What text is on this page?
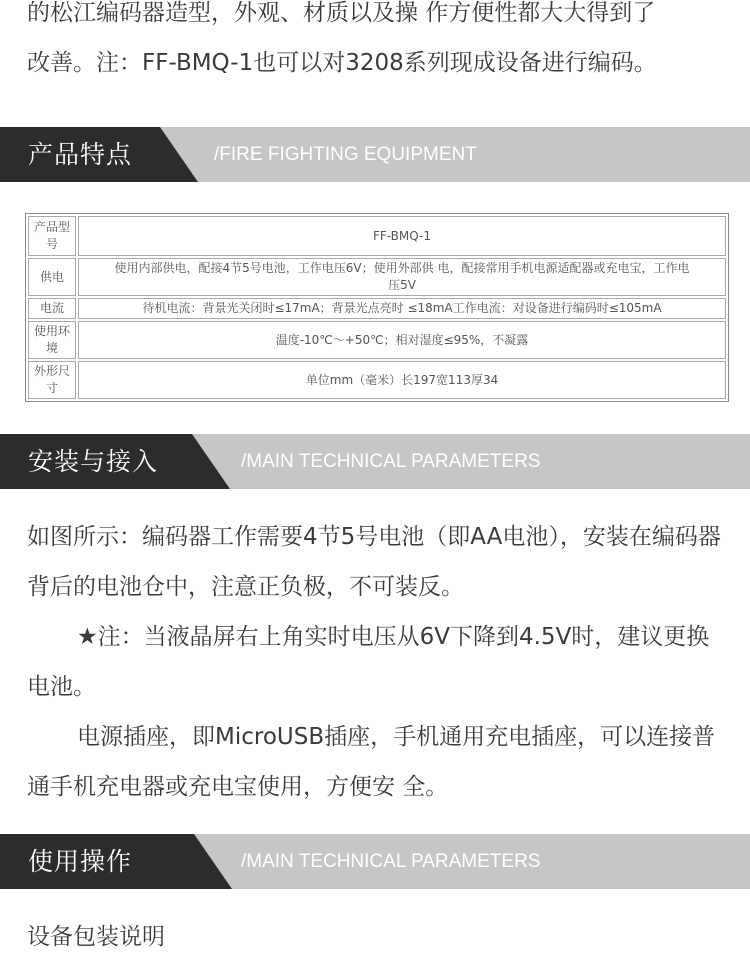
的松江编码器造型，外观、材质以及操 作方便性都大大得到了

改善。注：FF-BMQ-1也可以对3208系列现成设备进行编码。

产品特点	/FIRE FIGHTING EQUIPMENT
产品型号	FF-BMQ-1
供电	使用内部供电，配接4节5号电池，工作电压6V；使用外部供 电，配接常用手机电源适配器或充电宝，工作电压5V
电流	待机电流：背景光关闭时≤17mA；背景光点亮时 ≤18mA工作电流：对设备进行编码时≤105mA
使用环境	温度-10℃～+50℃；相对湿度≤95%，不凝露
外形尺寸	单位mm（毫米）长197宽113厚34
安装与接入	/MAIN TECHNICAL PARAMETERS

如图所示：编码器工作需要4节5号电池（即AA电池），安装在编码器背后的电池仓中，注意正负极，不可装反。

★注：当液晶屏右上角实时电压从6V下降到4.5V时，建议更换电池。

电源插座，即MicroUSB插座，手机通用充电插座，可以连接普通手机充电器或充电宝使用，方便安 全。

使用操作	/MAIN TECHNICAL PARAMETERS

设备包装说明
